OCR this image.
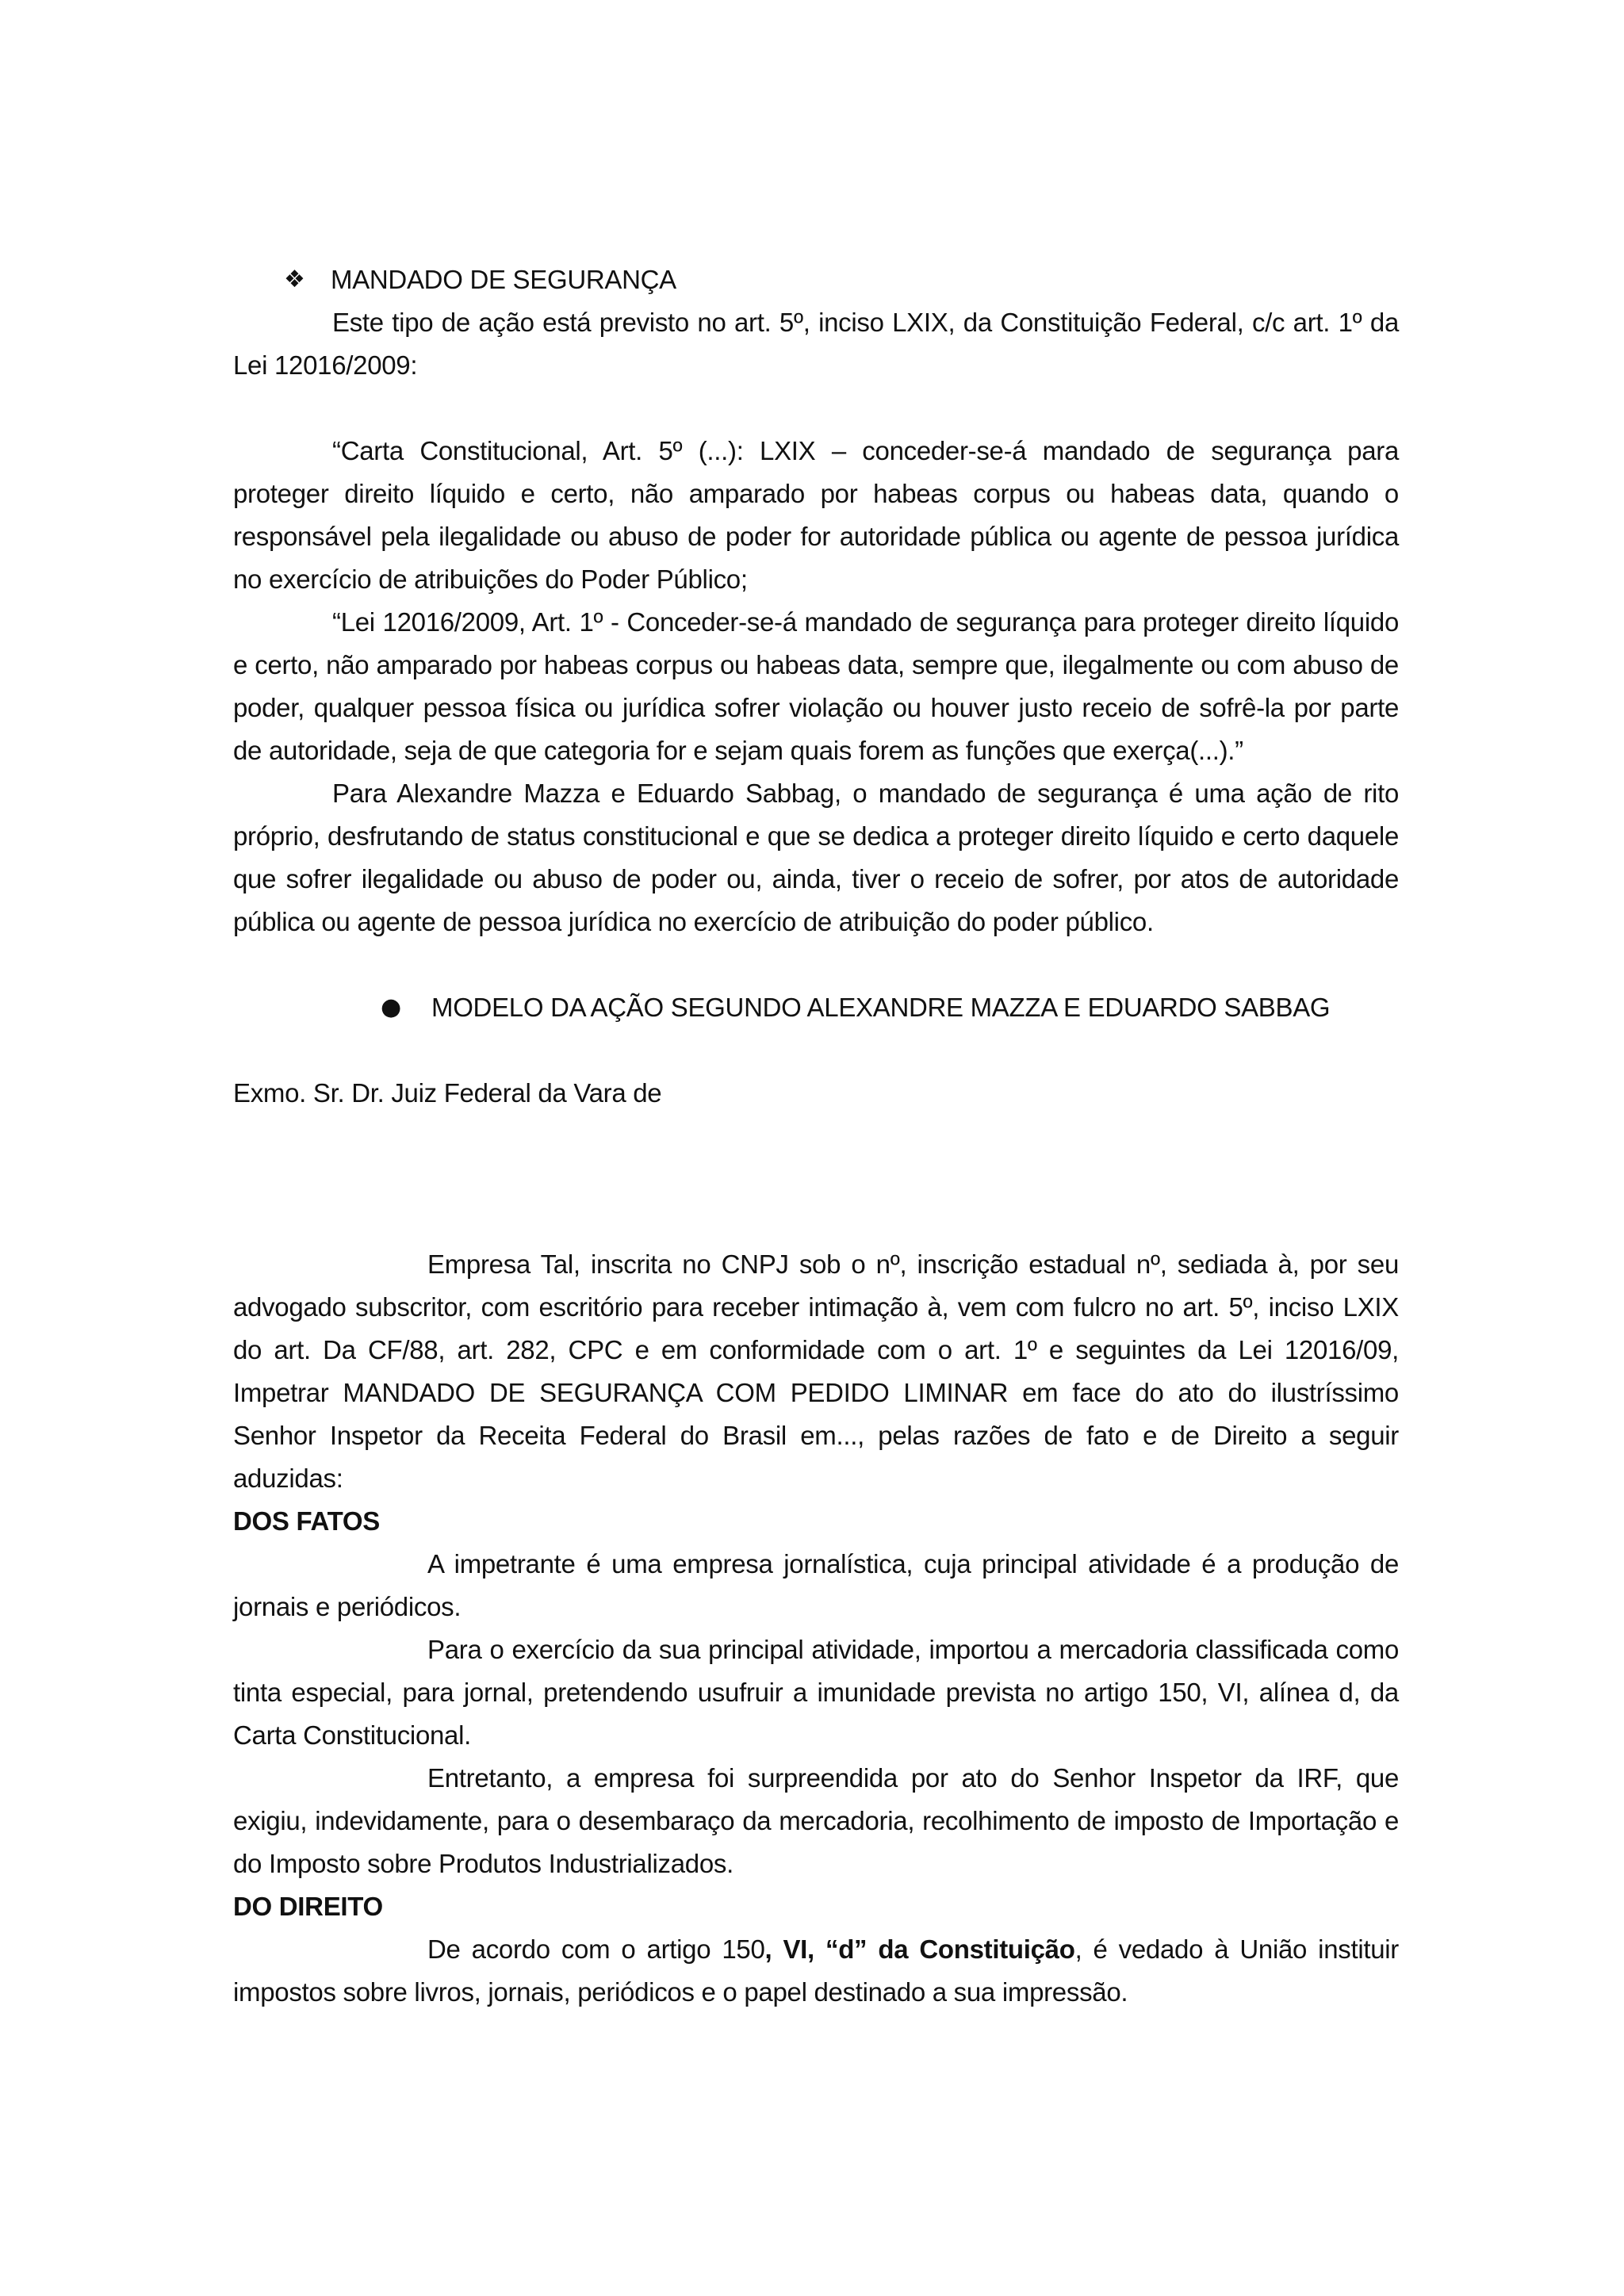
❖ MANDADO DE SEGURANÇA

Este tipo de ação está previsto no art. 5º, inciso LXIX, da Constituição Federal, c/c art. 1º da Lei 12016/2009:

“Carta Constitucional, Art. 5º (...): LXIX – conceder-se-á mandado de segurança para proteger direito líquido e certo, não amparado por habeas corpus ou habeas data, quando o responsável pela ilegalidade ou abuso de poder for autoridade pública ou agente de pessoa jurídica no exercício de atribuições do Poder Público;

“Lei 12016/2009, Art. 1º - Conceder-se-á mandado de segurança para proteger direito líquido e certo, não amparado por habeas corpus ou habeas data, sempre que, ilegalmente ou com abuso de poder, qualquer pessoa física ou jurídica sofrer violação ou houver justo receio de sofrê-la por parte de autoridade, seja de que categoria for e sejam quais forem as funções que exerça(...).”

Para Alexandre Mazza e Eduardo Sabbag, o mandado de segurança é uma ação de rito próprio, desfrutando de status constitucional e que se dedica a proteger direito líquido e certo daquele que sofrer ilegalidade ou abuso de poder ou, ainda, tiver o receio de sofrer, por atos de autoridade pública ou agente de pessoa jurídica no exercício de atribuição do poder público.

● MODELO DA AÇÃO SEGUNDO ALEXANDRE MAZZA E EDUARDO SABBAG

Exmo. Sr. Dr. Juiz Federal da Vara de

Empresa Tal, inscrita no CNPJ sob o nº, inscrição estadual nº, sediada à, por seu advogado subscritor, com escritório para receber intimação à, vem com fulcro no art. 5º, inciso LXIX do art. Da CF/88, art. 282, CPC e em conformidade com o art. 1º e seguintes da Lei 12016/09, Impetrar MANDADO DE SEGURANÇA COM PEDIDO LIMINAR em face do ato do ilustríssimo Senhor Inspetor da Receita Federal do Brasil em..., pelas razões de fato e de Direito a seguir aduzidas:

DOS FATOS

A impetrante é uma empresa jornalística, cuja principal atividade é a produção de jornais e periódicos.

Para o exercício da sua principal atividade, importou a mercadoria classificada como tinta especial, para jornal, pretendendo usufruir a imunidade prevista no artigo 150, VI, alínea d, da Carta Constitucional.

Entretanto, a empresa foi surpreendida por ato do Senhor Inspetor da IRF, que exigiu, indevidamente, para o desembaraço da mercadoria, recolhimento de imposto de Importação e do Imposto sobre Produtos Industrializados.

DO DIREITO

De acordo com o artigo 150, VI, “d” da Constituição, é vedado à União instituir impostos sobre livros, jornais, periódicos e o papel destinado a sua impressão.
